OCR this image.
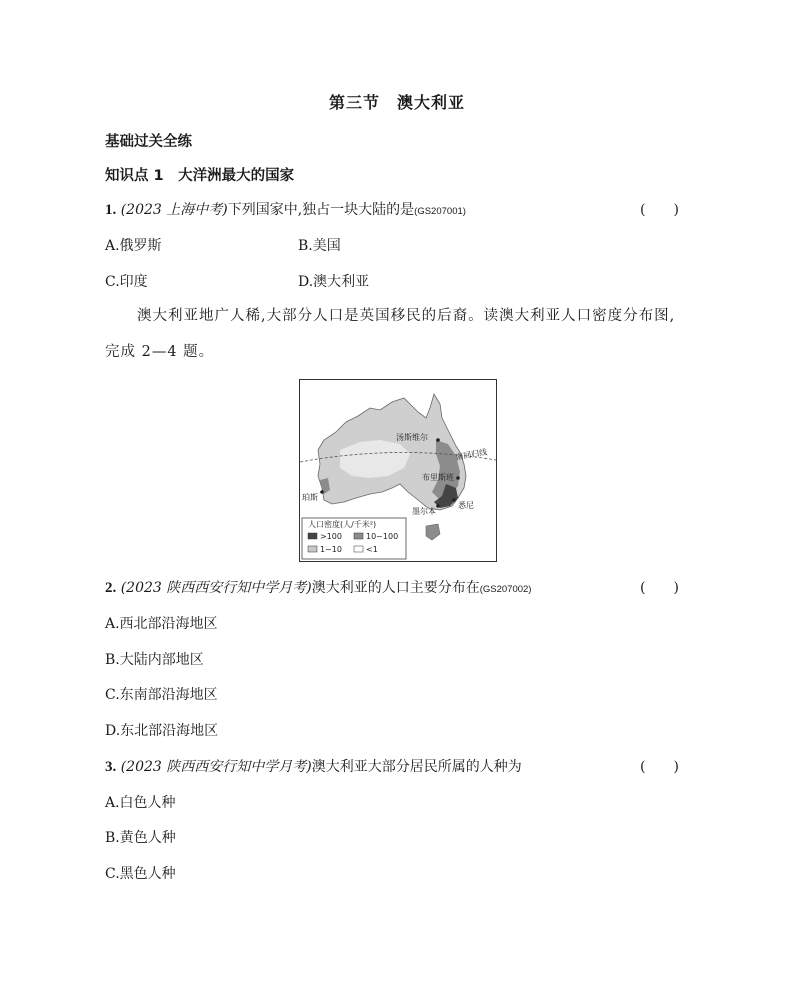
第三节　澳大利亚
基础过关全练
知识点 1　大洋洲最大的国家
1. (2023 上海中考)下列国家中,独占一块大陆的是(GS207001)	(　　)
A.俄罗斯	B.美国
C.印度	D.澳大利亚
澳大利亚地广人稀,大部分人口是英国移民的后裔。读澳大利亚人口密度分布图,完成 2—4 题。
汤斯维尔
南回归线
布里斯班
珀斯
墨尔本
悉尼
人口密度(人/千米²)
>100	10~100
1~10	<1
2. (2023 陕西西安行知中学月考)澳大利亚的人口主要分布在(GS207002)	(　　)
A.西北部沿海地区
B.大陆内部地区
C.东南部沿海地区
D.东北部沿海地区
3. (2023 陕西西安行知中学月考)澳大利亚大部分居民所属的人种为	(　　)
A.白色人种
B.黄色人种
C.黑色人种
